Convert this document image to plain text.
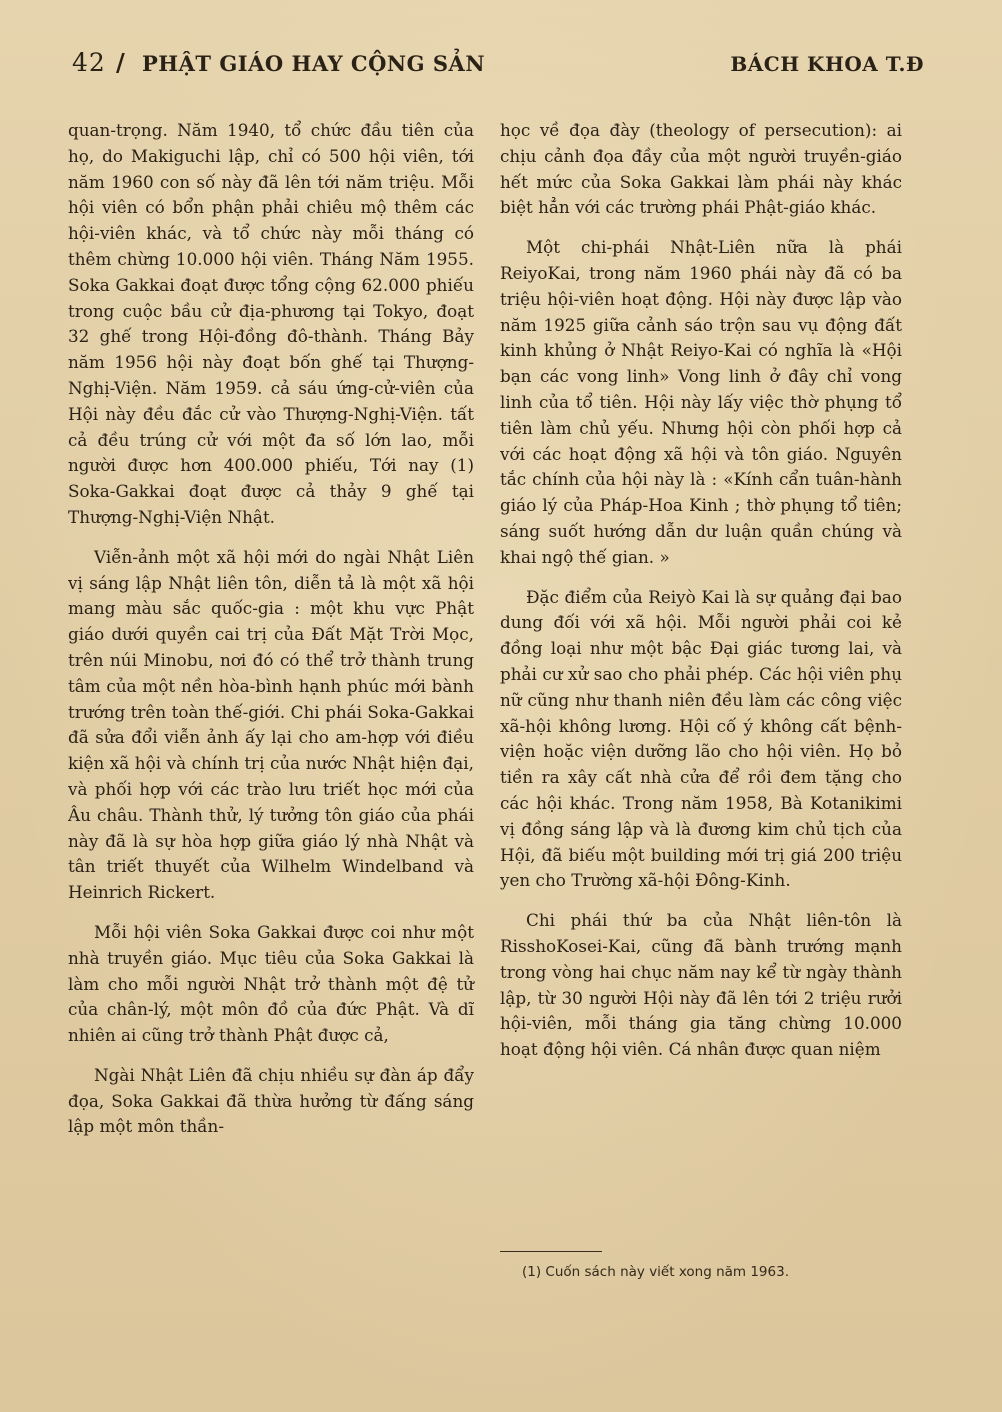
42 / PHẬT GIÁO HAY CỘNG SẢN	BÁCH KHOA T.Đ

quan-trọng. Năm 1940, tổ chức đầu tiên của họ, do Makiguchi lập, chỉ có 500 hội viên, tới năm 1960 con số này đã lên tới năm triệu. Mỗi hội viên có bổn phận phải chiêu mộ thêm các hội-viên khác, và tổ chức này mỗi tháng có thêm chừng 10.000 hội viên. Tháng Năm 1955. Soka Gakkai đoạt được tổng cộng 62.000 phiếu trong cuộc bầu cử địa-phương tại Tokyo, đoạt 32 ghế trong Hội-đồng đô-thành. Tháng Bảy năm 1956 hội này đoạt bốn ghế tại Thượng-Nghị-Viện. Năm 1959. cả sáu ứng-cử-viên của Hội này đều đắc cử vào Thượng-Nghị-Viện. tất cả đều trúng cử với một đa số lớn lao, mỗi người được hơn 400.000 phiếu, Tới nay (1) Soka-Gakkai đoạt được cả thảy 9 ghế tại Thượng-Nghị-Viện Nhật.

Viễn-ảnh một xã hội mới do ngài Nhật Liên vị sáng lập Nhật liên tôn, diễn tả là một xã hội mang màu sắc quốc-gia : một khu vực Phật giáo dưới quyền cai trị của Đất Mặt Trời Mọc, trên núi Minobu, nơi đó có thể trở thành trung tâm của một nền hòa-bình hạnh phúc mới bành trướng trên toàn thế-giới. Chi phái Soka-Gakkai đã sửa đổi viễn ảnh ấy lại cho am-hợp với điều kiện xã hội và chính trị của nước Nhật hiện đại, và phối hợp với các trào lưu triết học mới của Âu châu. Thành thử, lý tưởng tôn giáo của phái này đã là sự hòa hợp giữa giáo lý nhà Nhật và tân triết thuyết của Wilhelm Windelband và Heinrich Rickert.

Mỗi hội viên Soka Gakkai được coi như một nhà truyền giáo. Mục tiêu của Soka Gakkai là làm cho mỗi người Nhật trở thành một đệ tử của chân-lý, một môn đồ của đức Phật. Và dĩ nhiên ai cũng trở thành Phật được cả,

Ngài Nhật Liên đã chịu nhiều sự đàn áp đẩy đọa, Soka Gakkai đã thừa hưởng từ đấng sáng lập một môn thần-

học về đọa đày (theology of persecution): ai chịu cảnh đọa đầy của một người truyền-giáo hết mức của Soka Gakkai làm phái này khác biệt hẳn với các trường phái Phật-giáo khác.

Một chi-phái Nhật-Liên nữa là phái ReiyoKai, trong năm 1960 phái này đã có ba triệu hội-viên hoạt động. Hội này được lập vào năm 1925 giữa cảnh sáo trộn sau vụ động đất kinh khủng ở Nhật Reiyo-Kai có nghĩa là «Hội bạn các vong linh» Vong linh ở đây chỉ vong linh của tổ tiên. Hội này lấy việc thờ phụng tổ tiên làm chủ yếu. Nhưng hội còn phối hợp cả với các hoạt động xã hội và tôn giáo. Nguyên tắc chính của hội này là : «Kính cẩn tuân-hành giáo lý của Pháp-Hoa Kinh ; thờ phụng tổ tiên; sáng suốt hướng dẫn dư luận quần chúng và khai ngộ thế gian. »

Đặc điểm của Reiyò Kai là sự quảng đại bao dung đối với xã hội. Mỗi người phải coi kẻ đồng loại như một bậc Đại giác tương lai, và phải cư xử sao cho phải phép. Các hội viên phụ nữ cũng như thanh niên đều làm các công việc xã-hội không lương. Hội cố ý không cất bệnh-viện hoặc viện dưỡng lão cho hội viên. Họ bỏ tiền ra xây cất nhà cửa để rồi đem tặng cho các hội khác. Trong năm 1958, Bà Kotanikimi vị đồng sáng lập và là đương kim chủ tịch của Hội, đã biếu một building mới trị giá 200 triệu yen cho Trường xã-hội Đông-Kinh.

Chi phái thứ ba của Nhật liên-tôn là RisshoKosei-Kai, cũng đã bành trướng mạnh trong vòng hai chục năm nay kể từ ngày thành lập, từ 30 người Hội này đã lên tới 2 triệu rưởi hội-viên, mỗi tháng gia tăng chừng 10.000 hoạt động hội viên. Cá nhân được quan niệm

(1) Cuốn sách này viết xong năm 1963.
